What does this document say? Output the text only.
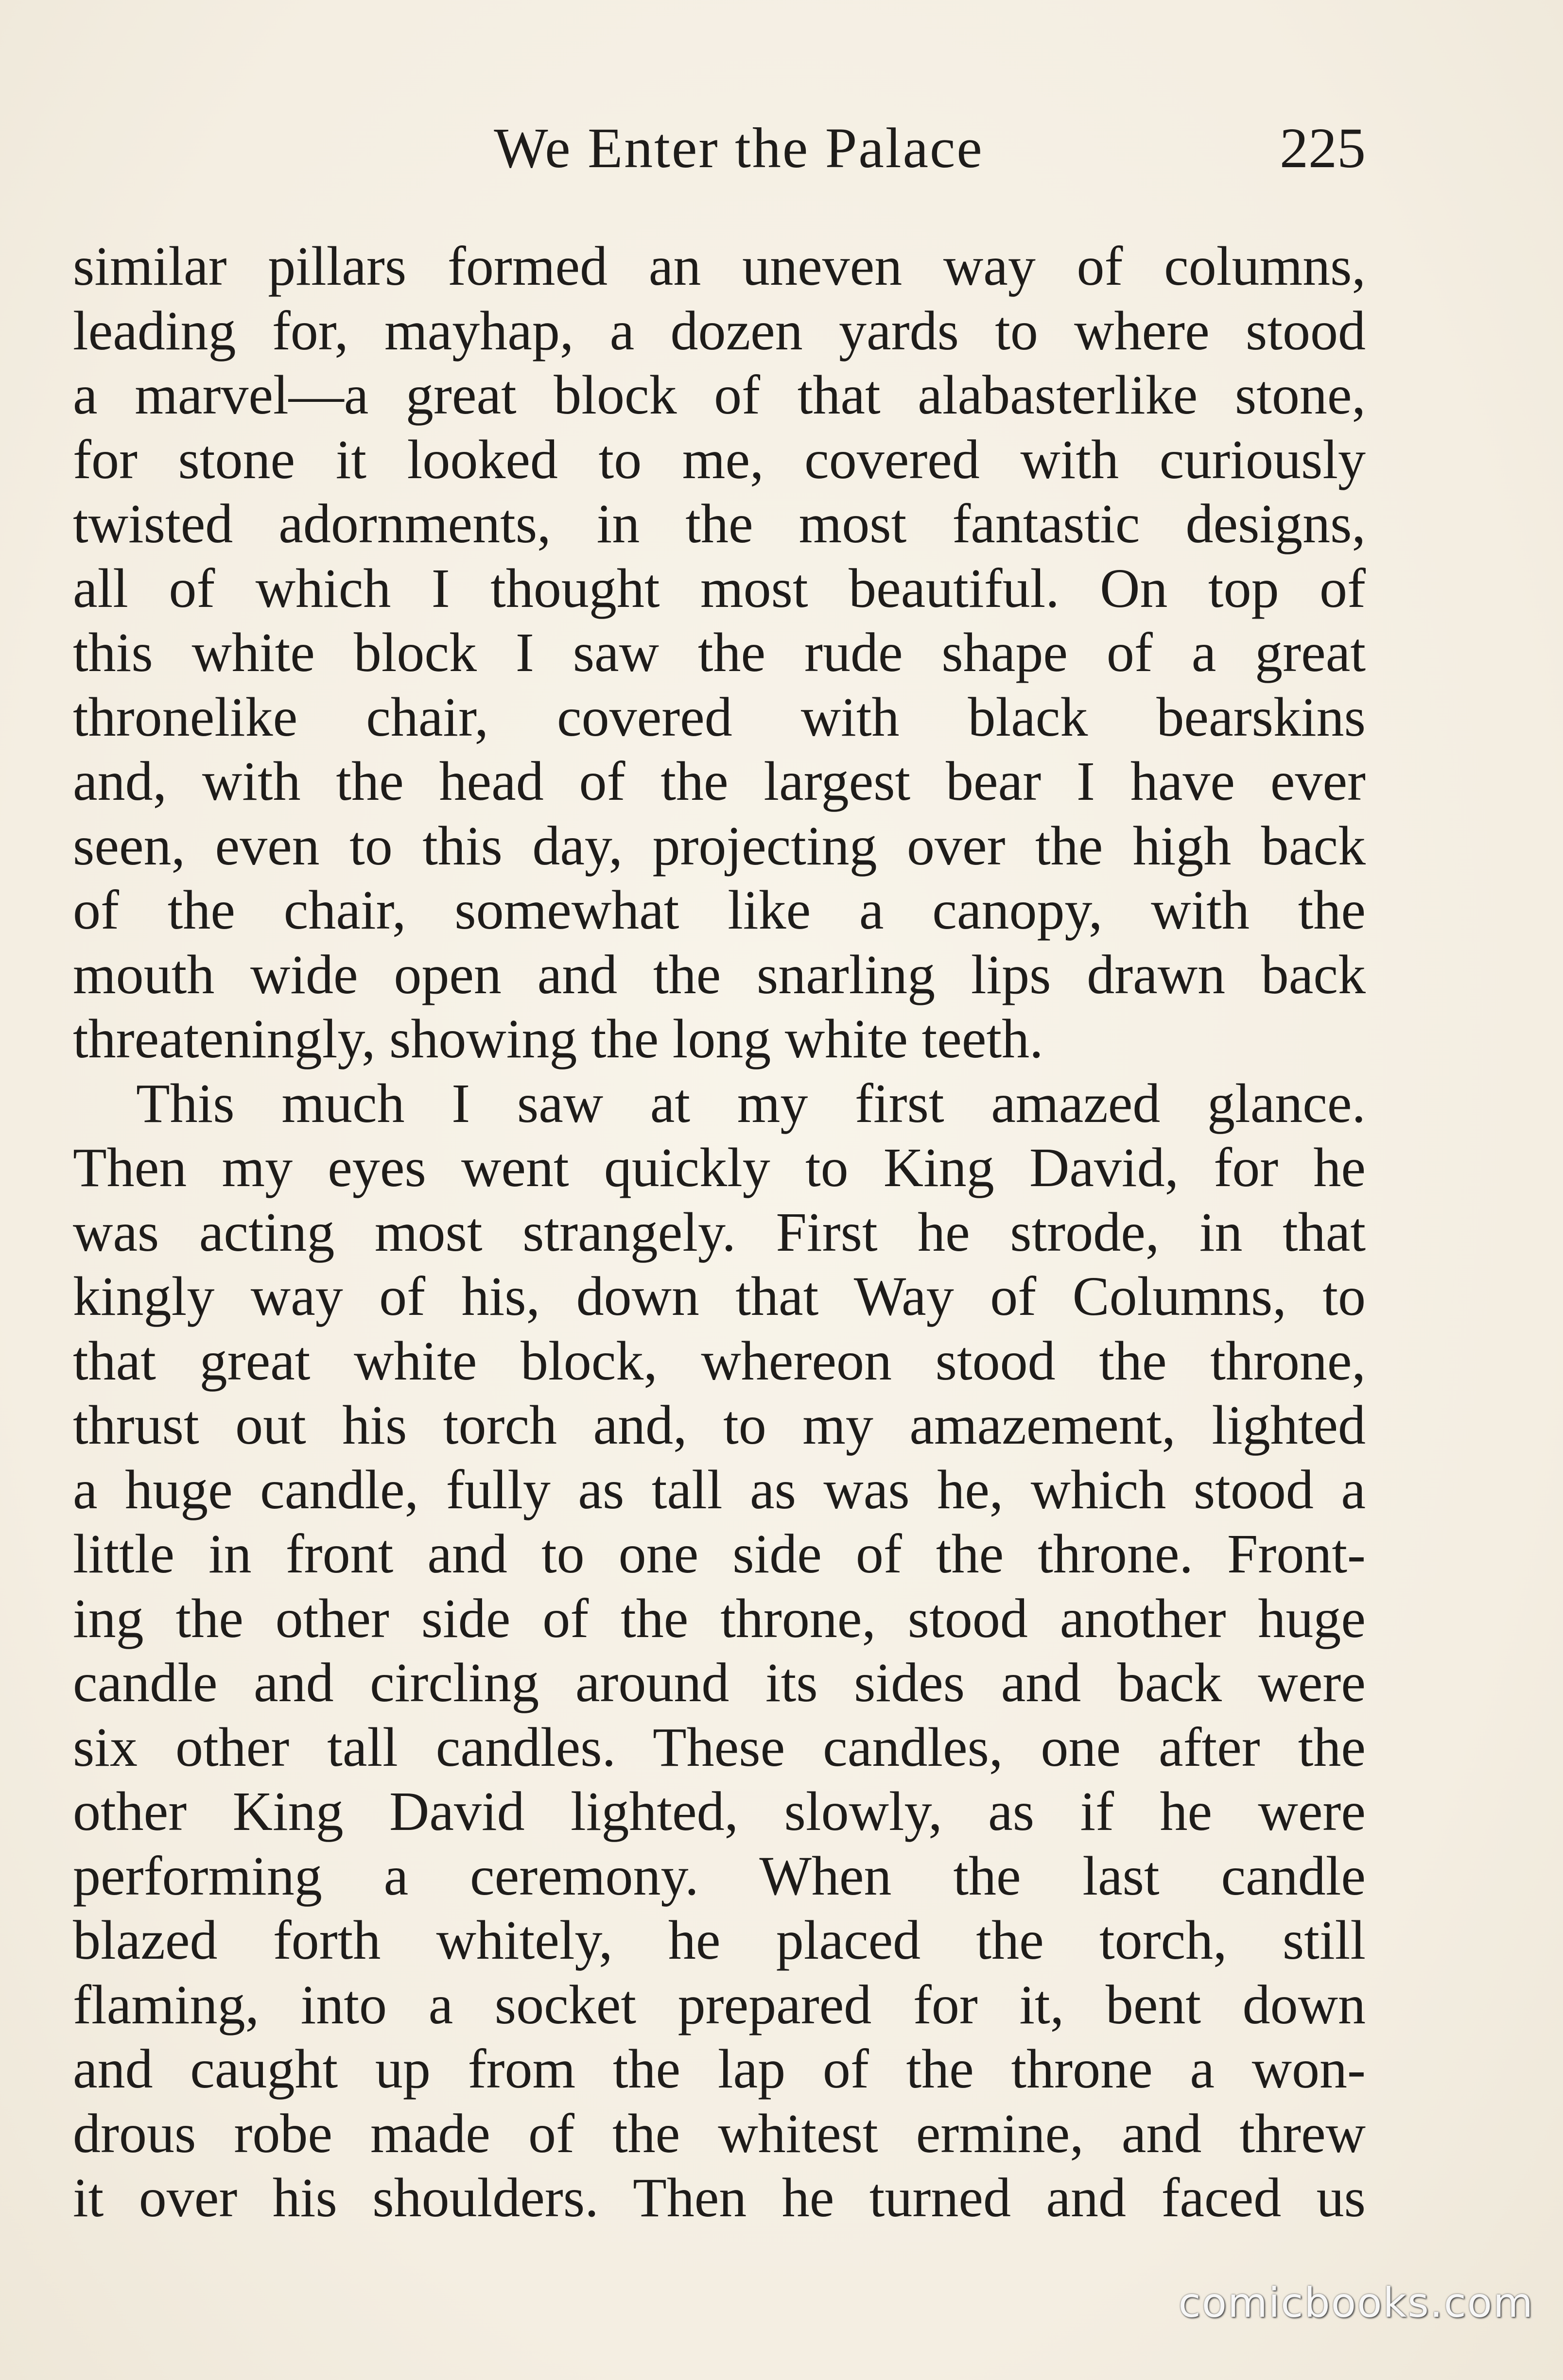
We Enter the Palace	225
similar pillars formed an uneven way of columns,
leading for, mayhap, a dozen yards to where stood
a marvel—a great block of that alabasterlike stone,
for stone it looked to me, covered with curiously
twisted adornments, in the most fantastic designs,
all of which I thought most beautiful. On top of
this white block I saw the rude shape of a great
thronelike chair, covered with black bearskins
and, with the head of the largest bear I have ever
seen, even to this day, projecting over the high back
of the chair, somewhat like a canopy, with the
mouth wide open and the snarling lips drawn back
threateningly, showing the long white teeth.
This much I saw at my first amazed glance.
Then my eyes went quickly to King David, for he
was acting most strangely. First he strode, in that
kingly way of his, down that Way of Columns, to
that great white block, whereon stood the throne,
thrust out his torch and, to my amazement, lighted
a huge candle, fully as tall as was he, which stood a
little in front and to one side of the throne. Front-
ing the other side of the throne, stood another huge
candle and circling around its sides and back were
six other tall candles. These candles, one after the
other King David lighted, slowly, as if he were
performing a ceremony. When the last candle
blazed forth whitely, he placed the torch, still
flaming, into a socket prepared for it, bent down
and caught up from the lap of the throne a won-
drous robe made of the whitest ermine, and threw
it over his shoulders. Then he turned and faced us
comicbooks.com
